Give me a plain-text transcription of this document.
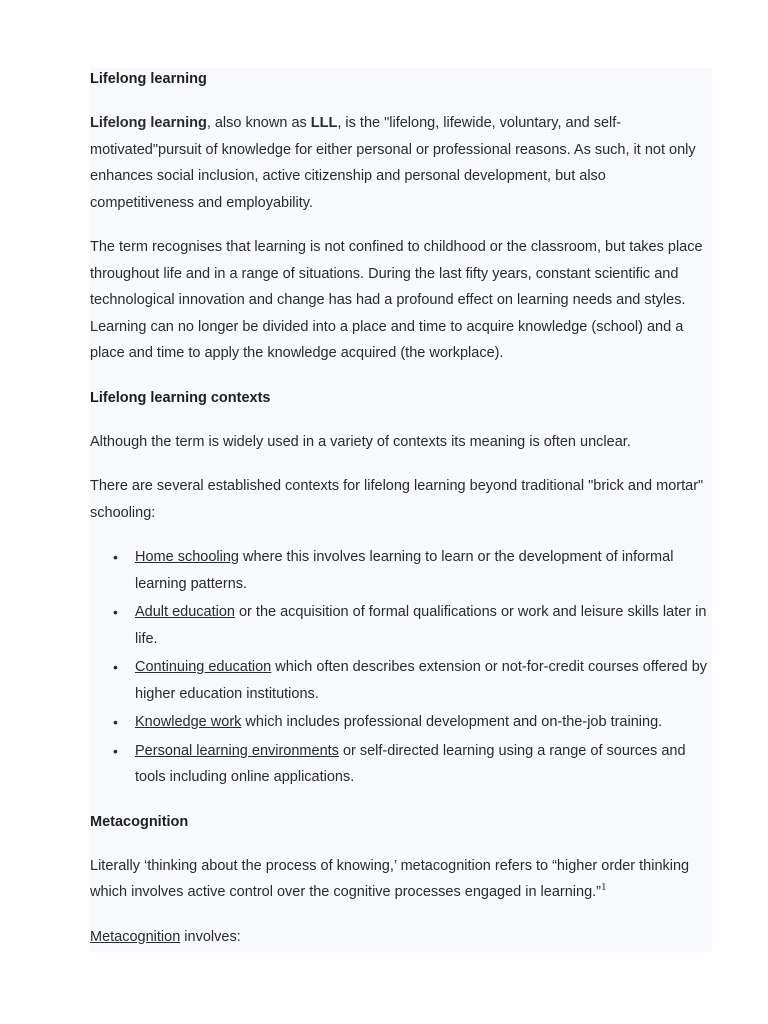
Lifelong learning

Lifelong learning, also known as LLL, is the "lifelong, lifewide, voluntary, and self-motivated"pursuit of knowledge for either personal or professional reasons. As such, it not only enhances social inclusion, active citizenship and personal development, but also competitiveness and employability.

The term recognises that learning is not confined to childhood or the classroom, but takes place throughout life and in a range of situations. During the last fifty years, constant scientific and technological innovation and change has had a profound effect on learning needs and styles. Learning can no longer be divided into a place and time to acquire knowledge (school) and a place and time to apply the knowledge acquired (the workplace).

Lifelong learning contexts

Although the term is widely used in a variety of contexts its meaning is often unclear.

There are several established contexts for lifelong learning beyond traditional "brick and mortar" schooling:

• Home schooling where this involves learning to learn or the development of informal learning patterns.
• Adult education or the acquisition of formal qualifications or work and leisure skills later in life.
• Continuing education which often describes extension or not-for-credit courses offered by higher education institutions.
• Knowledge work which includes professional development and on-the-job training.
• Personal learning environments or self-directed learning using a range of sources and tools including online applications.
Metacognition

Literally ‘thinking about the process of knowing,’ metacognition refers to “higher order thinking which involves active control over the cognitive processes engaged in learning.”$^1$

Metacognition involves:
